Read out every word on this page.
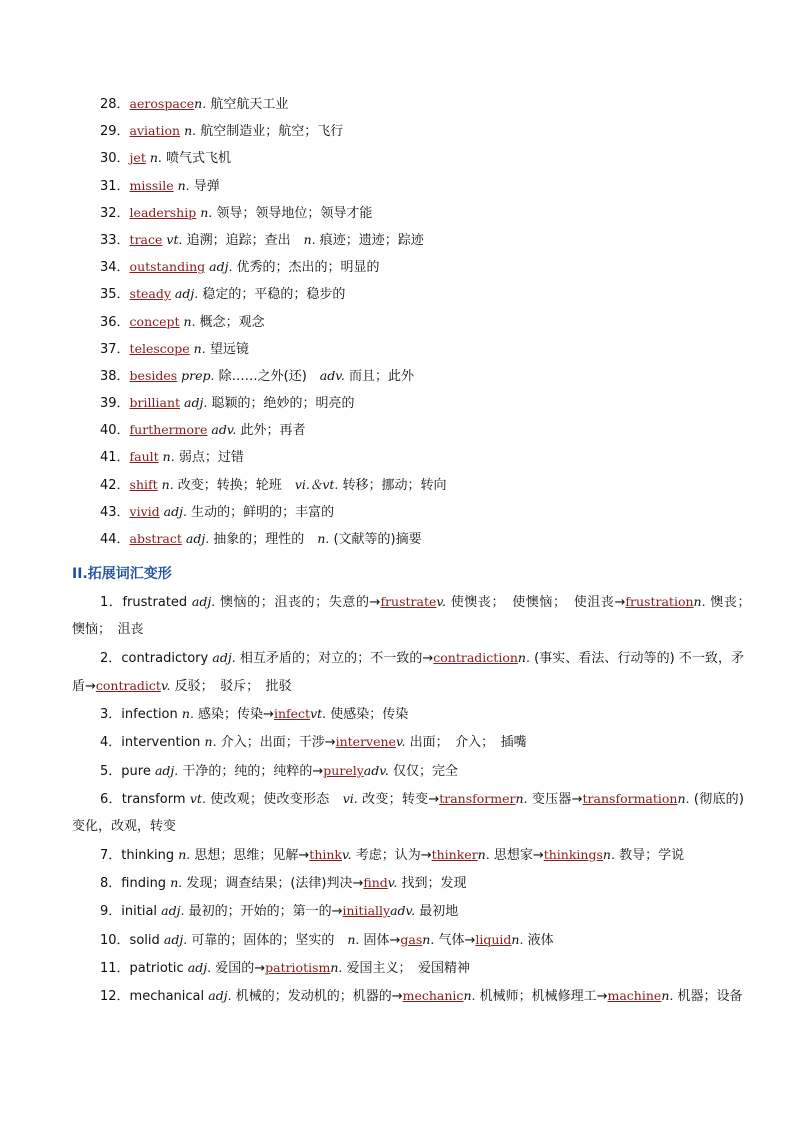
28．aerospacen. 航空航天工业
29．aviation n. 航空制造业；航空；飞行
30．jet n. 喷气式飞机
31．missile n. 导弹
32．leadership n. 领导；领导地位；领导才能
33．trace vt. 追溯；追踪；查出　n. 痕迹；遗迹；踪迹
34．outstanding adj. 优秀的；杰出的；明显的
35．steady adj. 稳定的；平稳的；稳步的
36．concept n. 概念；观念
37．telescope n. 望远镜
38．besides prep. 除……之外(还)　adv. 而且；此外
39．brilliant adj. 聪颖的；绝妙的；明亮的
40．furthermore adv. 此外；再者
41．fault n. 弱点；过错
42．shift n. 改变；转换；轮班　vi.＆vt. 转移；挪动；转向
43．vivid adj. 生动的；鲜明的；丰富的
44．abstract adj. 抽象的；理性的　n. (文献等的)摘要
II.拓展词汇变形
1．frustrated adj. 懊恼的；沮丧的；失意的→frustratev. 使懊丧；　使懊恼；　使沮丧→frustrationn. 懊丧；　懊恼；　沮丧
2．contradictory adj. 相互矛盾的；对立的；不一致的→contradictionn. (事实、看法、行动等的) 不一致，矛盾→contradictv. 反驳；　驳斥；　批驳
3．infection n. 感染；传染→infectvt. 使感染；传染
4．intervention n. 介入；出面；干涉→intervenev. 出面；　介入；　插嘴
5．pure adj. 干净的；纯的；纯粹的→purelyadv. 仅仅；完全
6．transform vt. 使改观；使改变形态　vi. 改变；转变→transformern. 变压器→transformationn. (彻底的) 变化，改观，转变
7．thinking n. 思想；思维；见解→thinkv. 考虑；认为→thinkern. 思想家→thinkingsn. 教导；学说
8．finding n. 发现；调查结果；(法律)判决→findv. 找到；发现
9．initial adj. 最初的；开始的；第一的→initiallyadv. 最初地
10．solid adj. 可靠的；固体的；坚实的　n. 固体→gasn. 气体→liquidn. 液体
11．patriotic adj. 爱国的→patriotismn. 爱国主义；　爱国精神
12．mechanical adj. 机械的；发动机的；机器的→mechanicn. 机械师；机械修理工→machinen. 机器；设备
